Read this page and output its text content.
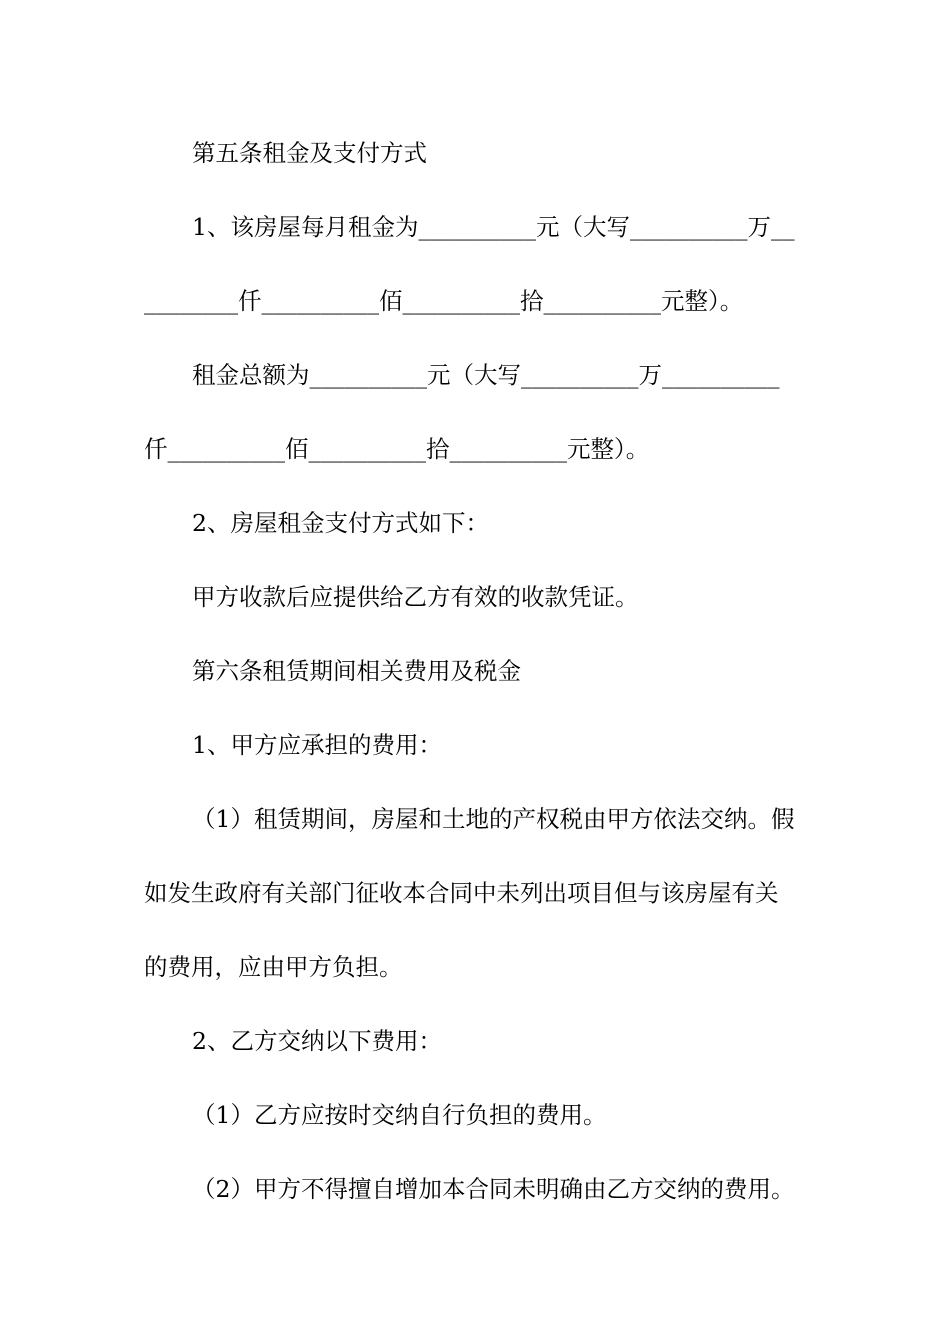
第五条租金及支付方式
1、该房屋每月租金为__________元（大写__________万__
________仟__________佰__________拾__________元整）。
租金总额为__________元（大写__________万__________
仟__________佰__________拾__________元整）。
2、房屋租金支付方式如下：
甲方收款后应提供给乙方有效的收款凭证。
第六条租赁期间相关费用及税金
1、甲方应承担的费用：
（1）租赁期间，房屋和土地的产权税由甲方依法交纳。假
如发生政府有关部门征收本合同中未列出项目但与该房屋有关
的费用，应由甲方负担。
2、乙方交纳以下费用：
（1）乙方应按时交纳自行负担的费用。
（2）甲方不得擅自增加本合同未明确由乙方交纳的费用。
